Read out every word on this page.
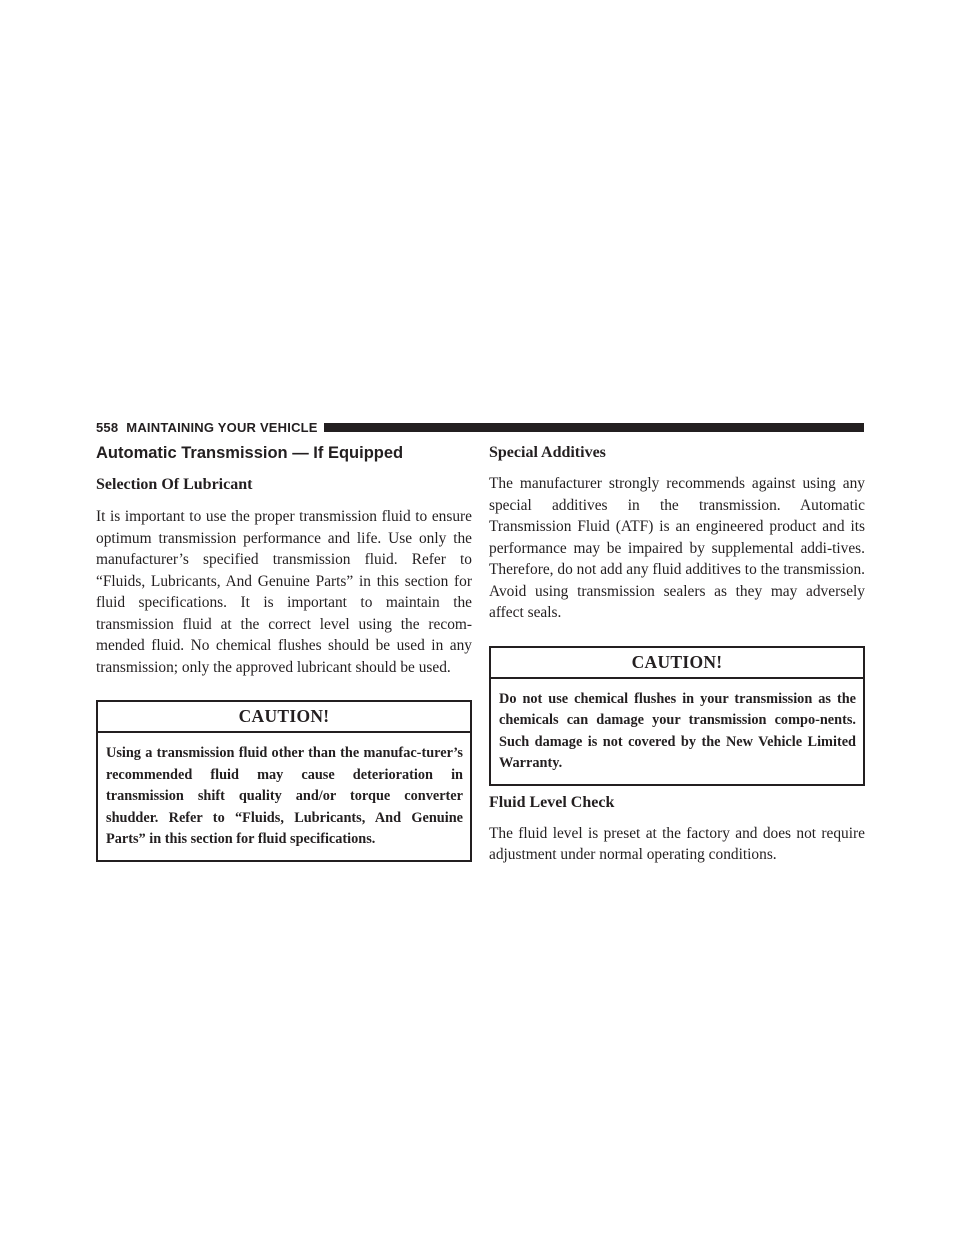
558 MAINTAINING YOUR VEHICLE
Automatic Transmission — If Equipped
Selection Of Lubricant

It is important to use the proper transmission fluid to ensure optimum transmission performance and life. Use only the manufacturer’s specified transmission fluid. Refer to “Fluids, Lubricants, And Genuine Parts” in this section for fluid specifications. It is important to maintain the transmission fluid at the correct level using the recom-mended fluid. No chemical flushes should be used in any transmission; only the approved lubricant should be used.

CAUTION!

Using a transmission fluid other than the manufac-turer’s recommended fluid may cause deterioration in transmission shift quality and/or torque converter shudder. Refer to “Fluids, Lubricants, And Genuine Parts” in this section for fluid specifications.

Special Additives

The manufacturer strongly recommends against using any special additives in the transmission. Automatic Transmission Fluid (ATF) is an engineered product and its performance may be impaired by supplemental addi-tives. Therefore, do not add any fluid additives to the transmission. Avoid using transmission sealers as they may adversely affect seals.

CAUTION!

Do not use chemical flushes in your transmission as the chemicals can damage your transmission compo-nents. Such damage is not covered by the New Vehicle Limited Warranty.

Fluid Level Check

The fluid level is preset at the factory and does not require adjustment under normal operating conditions.
